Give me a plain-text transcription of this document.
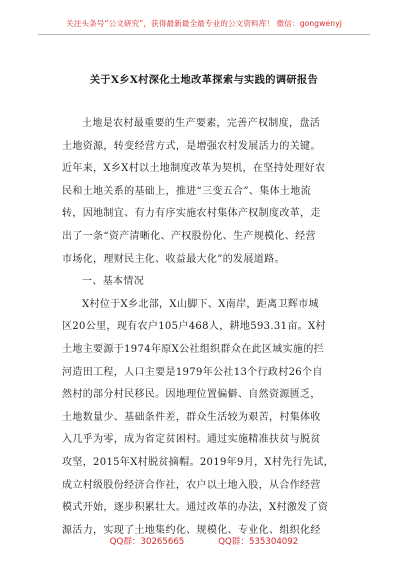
关注头条号“公文研究”，获得最新最全最专业的公文资料库！ 微信：gongwenyj
关于X乡X村深化土地改革探索与实践的调研报告
土地是农村最重要的生产要素，完善产权制度，盘活
土地资源，转变经营方式，是增强农村发展活力的关键。
近年来，X乡X村以土地制度改革为契机，在坚持处理好农
民和土地关系的基础上，推进“三变五合”、集体土地流
转，因地制宜、有力有序实施农村集体产权制度改革，走
出了一条“资产清晰化、产权股份化、生产规模化、经营
市场化，理财民主化、收益最大化”的发展道路。
一、基本情况
X村位于X乡北部，X山脚下、X南岸，距离卫辉市城
区20公里，现有农户105户468人，耕地593.31亩。X村
土地主要源于1974年原X公社组织群众在此区域实施的拦
河造田工程，人口主要是1979年公社13个行政村26个自
然村的部分村民移民。因地理位置偏僻、自然资源匮乏，
土地数量少、基础条件差，群众生活较为艰苦，村集体收
入几乎为零，成为省定贫困村。通过实施精准扶贫与脱贫
攻坚，2015年X村脱贫摘帽。2019年9月，X村先行先试，
成立村级股份经济合作社，农户以土地入股，从合作经营
模式开始，逐步积累壮大。通过改革的办法，X村激发了资
源活力，实现了土地集约化、规模化、专业化、组织化经
QQ群：30265665	QQ群：535304092
